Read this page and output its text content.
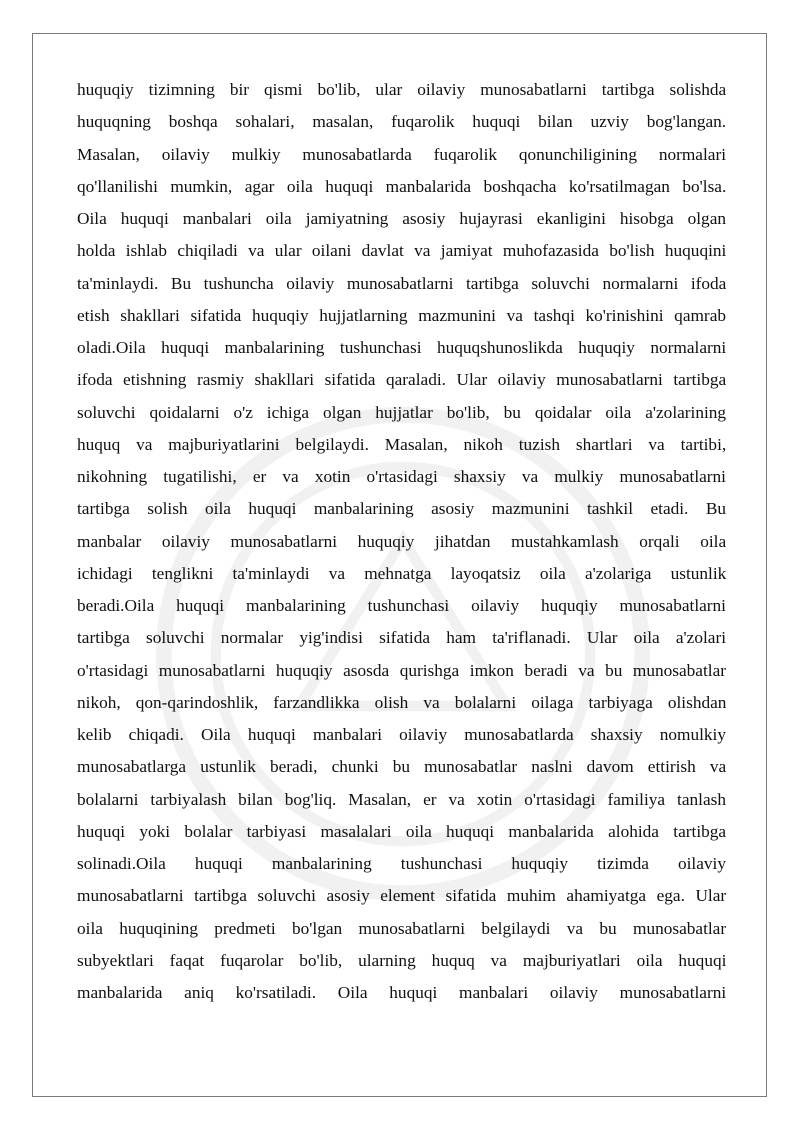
huquqiy tizimning bir qismi bo'lib, ular oilaviy munosabatlarni tartibga solishda
huquqning boshqa sohalari, masalan, fuqarolik huquqi bilan uzviy bog'langan.
Masalan, oilaviy mulkiy munosabatlarda fuqarolik qonunchiligining normalari
qo'llanilishi mumkin, agar oila huquqi manbalarida boshqacha ko'rsatilmagan bo'lsa.
Oila huquqi manbalari oila jamiyatning asosiy hujayrasi ekanligini hisobga olgan
holda ishlab chiqiladi va ular oilani davlat va jamiyat muhofazasida bo'lish huquqini
ta'minlaydi. Bu tushuncha oilaviy munosabatlarni tartibga soluvchi normalarni ifoda
etish shakllari sifatida huquqiy hujjatlarning mazmunini va tashqi ko'rinishini qamrab
oladi.Oila huquqi manbalarining tushunchasi huquqshunoslikda huquqiy normalarni
ifoda etishning rasmiy shakllari sifatida qaraladi. Ular oilaviy munosabatlarni tartibga
soluvchi qoidalarni o'z ichiga olgan hujjatlar bo'lib, bu qoidalar oila a'zolarining
huquq va majburiyatlarini belgilaydi. Masalan, nikoh tuzish shartlari va tartibi,
nikohning tugatilishi, er va xotin o'rtasidagi shaxsiy va mulkiy munosabatlarni
tartibga solish oila huquqi manbalarining asosiy mazmunini tashkil etadi. Bu
manbalar oilaviy munosabatlarni huquqiy jihatdan mustahkamlash orqali oila
ichidagi tenglikni ta'minlaydi va mehnatga layoqatsiz oila a'zolariga ustunlik
beradi.Oila huquqi manbalarining tushunchasi oilaviy huquqiy munosabatlarni
tartibga soluvchi normalar yig'indisi sifatida ham ta'riflanadi. Ular oila a'zolari
o'rtasidagi munosabatlarni huquqiy asosda qurishga imkon beradi va bu munosabatlar
nikoh, qon-qarindoshlik, farzandlikka olish va bolalarni oilaga tarbiyaga olishdan
kelib chiqadi. Oila huquqi manbalari oilaviy munosabatlarda shaxsiy nomulkiy
munosabatlarga ustunlik beradi, chunki bu munosabatlar naslni davom ettirish va
bolalarni tarbiyalash bilan bog'liq. Masalan, er va xotin o'rtasidagi familiya tanlash
huquqi yoki bolalar tarbiyasi masalalari oila huquqi manbalarida alohida tartibga
solinadi.Oila huquqi manbalarining tushunchasi huquqiy tizimda oilaviy
munosabatlarni tartibga soluvchi asosiy element sifatida muhim ahamiyatga ega. Ular
oila huquqining predmeti bo'lgan munosabatlarni belgilaydi va bu munosabatlar
subyektlari faqat fuqarolar bo'lib, ularning huquq va majburiyatlari oila huquqi
manbalarida aniq ko'rsatiladi. Oila huquqi manbalari oilaviy munosabatlarni
